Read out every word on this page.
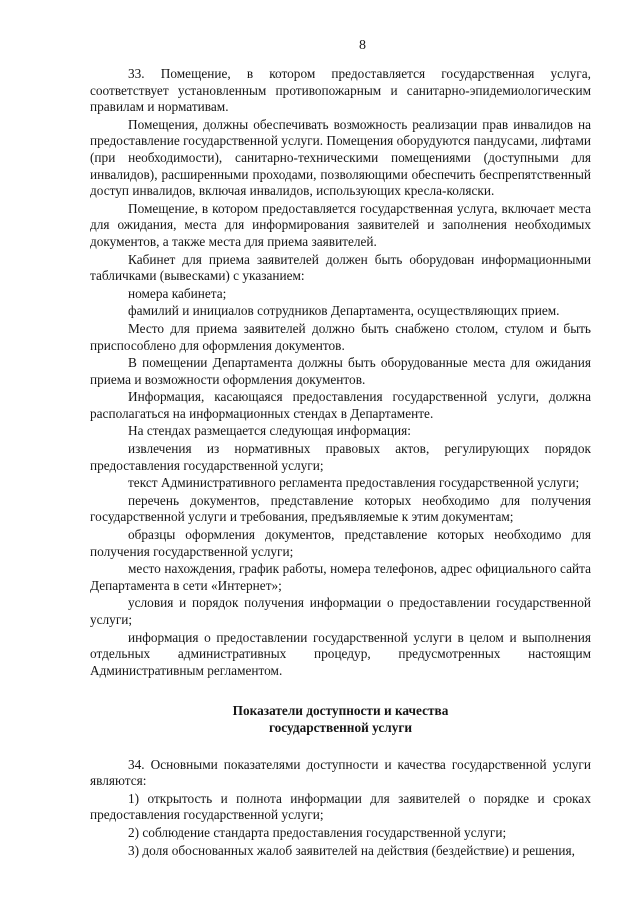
8

33. Помещение, в котором предоставляется государственная услуга, соответствует установленным противопожарным и санитарно-эпидемиологическим правилам и нормативам.

Помещения, должны обеспечивать возможность реализации прав инвалидов на предоставление государственной услуги. Помещения оборудуются пандусами, лифтами (при необходимости), санитарно-техническими помещениями (доступными для инвалидов), расширенными проходами, позволяющими обеспечить беспрепятственный доступ инвалидов, включая инвалидов, использующих кресла-коляски.

Помещение, в котором предоставляется государственная услуга, включает места для ожидания, места для информирования заявителей и заполнения необходимых документов, а также места для приема заявителей.

Кабинет для приема заявителей должен быть оборудован информационными табличками (вывесками) с указанием:

номера кабинета;

фамилий и инициалов сотрудников Департамента, осуществляющих прием.

Место для приема заявителей должно быть снабжено столом, стулом и быть приспособлено для оформления документов.

В помещении Департамента должны быть оборудованные места для ожидания приема и возможности оформления документов.

Информация, касающаяся предоставления государственной услуги, должна располагаться на информационных стендах в Департаменте.

На стендах размещается следующая информация:

извлечения из нормативных правовых актов, регулирующих порядок предоставления государственной услуги;

текст Административного регламента предоставления государственной услуги;

перечень документов, представление которых необходимо для получения государственной услуги и требования, предъявляемые к этим документам;

образцы оформления документов, представление которых необходимо для получения государственной услуги;

место нахождения, график работы, номера телефонов, адрес официального сайта Департамента в сети «Интернет»;

условия и порядок получения информации о предоставлении государственной услуги;

информация о предоставлении государственной услуги в целом и выполнения отдельных административных процедур, предусмотренных настоящим Административным регламентом.

Показатели доступности и качества
государственной услуги

34. Основными показателями доступности и качества государственной услуги являются:

1) открытость и полнота информации для заявителей о порядке и сроках предоставления государственной услуги;

2) соблюдение стандарта предоставления государственной услуги;

3) доля обоснованных жалоб заявителей на действия (бездействие) и решения,
